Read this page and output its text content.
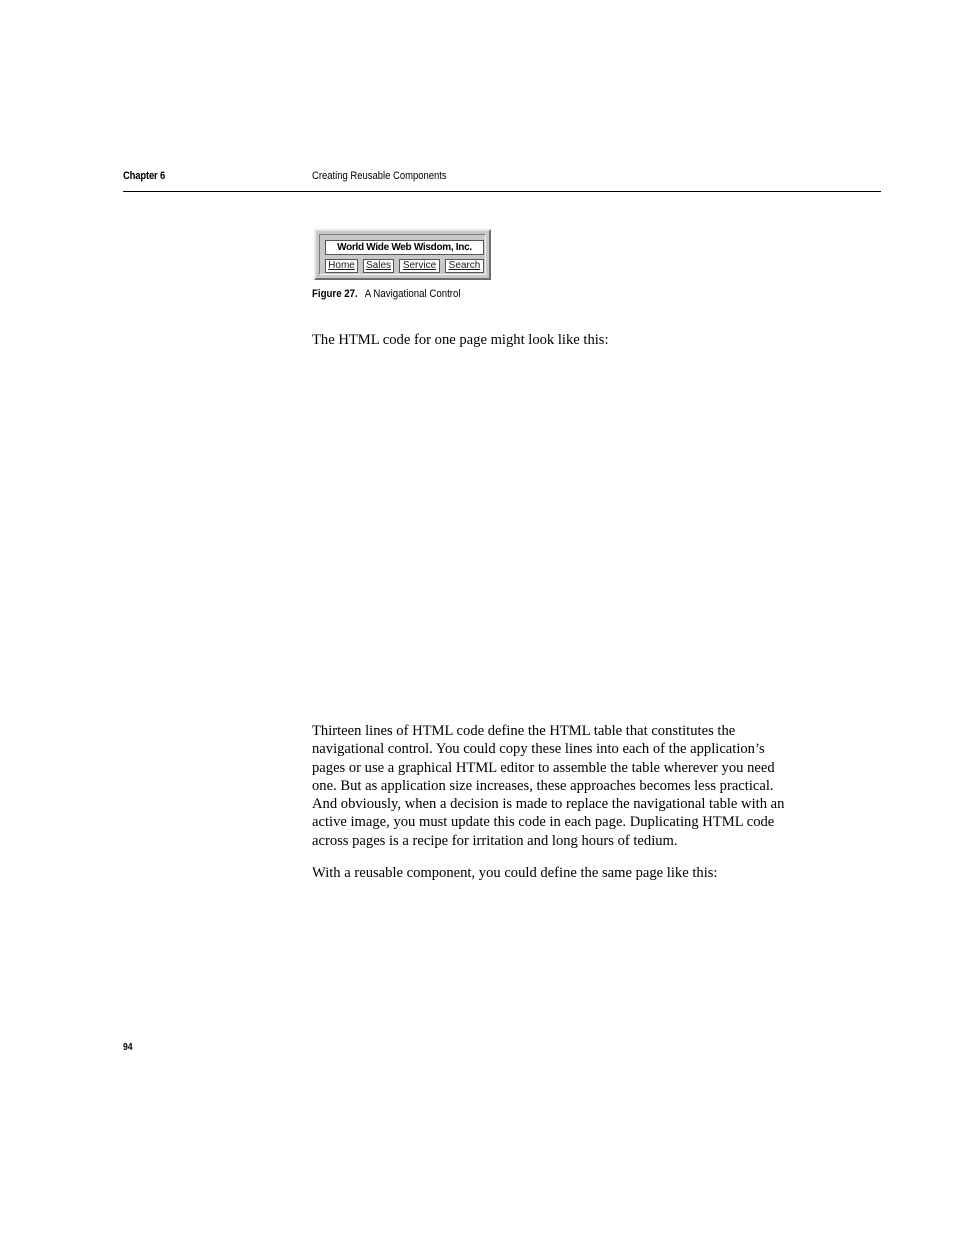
Chapter 6	Creating Reusable Components
World Wide Web Wisdom, Inc.
Home	Sales	Service	Search
Figure 27. A Navigational Control

The HTML code for one page might look like this:

Thirteen lines of HTML code define the HTML table that constitutes the navigational control. You could copy these lines into each of the application’s pages or use a graphical HTML editor to assemble the table wherever you need one. But as application size increases, these approaches becomes less practical. And obviously, when a decision is made to replace the navigational table with an active image, you must update this code in each page. Duplicating HTML code across pages is a recipe for irritation and long hours of tedium.

With a reusable component, you could define the same page like this:

94
